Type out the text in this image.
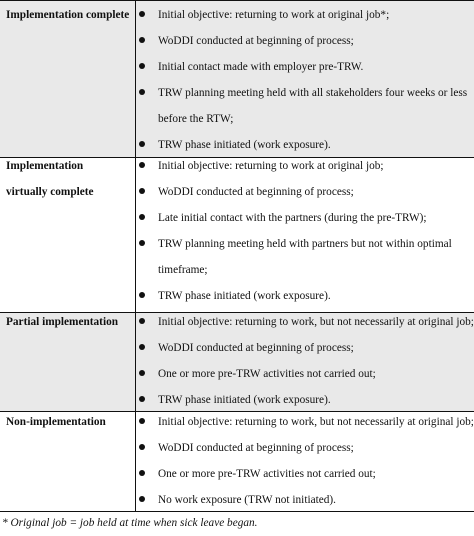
Implementation complete	Initial objective: returning to work at original job*;
WoDDI conducted at beginning of process;
Initial contact made with employer pre-TRW.
TRW planning meeting held with all stakeholders four weeks or less before the RTW;
TRW phase initiated (work exposure).
Implementation virtually complete
Initial objective: returning to work at original job;
WoDDI conducted at beginning of process;
Late initial contact with the partners (during the pre-TRW);
TRW planning meeting held with partners but not within optimal timeframe;
TRW phase initiated (work exposure).
Partial implementation	Initial objective: returning to work, but not necessarily at original job;
WoDDI conducted at beginning of process;
One or more pre-TRW activities not carried out;
TRW phase initiated (work exposure).
Non-implementation	Initial objective: returning to work, but not necessarily at original job;
WoDDI conducted at beginning of process;
One or more pre-TRW activities not carried out;
No work exposure (TRW not initiated).
* Original job = job held at time when sick leave began.
